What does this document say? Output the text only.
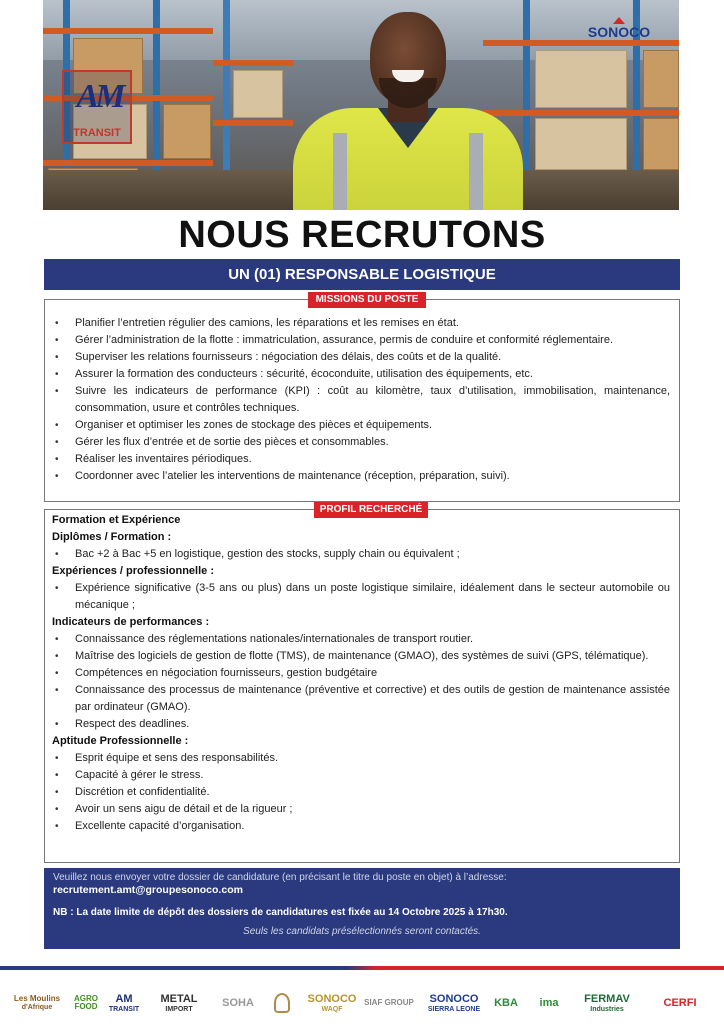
AM
TRANSIT
SONOCO
NOUS RECRUTONS
UN (01) RESPONSABLE LOGISTIQUE
• Planifier l’entretien régulier des camions, les réparations et les remises en état.
• Gérer l’administration de la flotte : immatriculation, assurance, permis de conduire et conformité réglementaire.
• Superviser les relations fournisseurs : négociation des délais, des coûts et de la qualité.
• Assurer la formation des conducteurs : sécurité, écoconduite, utilisation des équipements, etc.
• Suivre les indicateurs de performance (KPI) : coût au kilomètre, taux d’utilisation, immobilisation, maintenance, consommation, usure et contrôles techniques.
• Organiser et optimiser les zones de stockage des pièces et équipements.
• Gérer les flux d’entrée et de sortie des pièces et consommables.
• Réaliser les inventaires périodiques.
• Coordonner avec l’atelier les interventions de maintenance (réception, préparation, suivi).
MISSIONS DU POSTE
Formation et Expérience
Diplômes / Formation :
• Bac +2 à Bac +5 en logistique, gestion des stocks, supply chain ou équivalent ;
Expériences / professionnelle :
• Expérience significative (3-5 ans ou plus) dans un poste logistique similaire, idéalement dans le secteur automobile ou mécanique ;
Indicateurs de performances :
• Connaissance des réglementations nationales/internationales de transport routier.
• Maîtrise des logiciels de gestion de flotte (TMS), de maintenance (GMAO), des systèmes de suivi (GPS, télématique).
• Compétences en négociation fournisseurs, gestion budgétaire
• Connaissance des processus de maintenance (préventive et corrective) et des outils de gestion de maintenance assistée par ordinateur (GMAO).
• Respect des deadlines.
Aptitude Professionnelle :
• Esprit équipe et sens des responsabilités.
• Capacité à gérer le stress.
• Discrétion et confidentialité.
• Avoir un sens aigu de détail et de la rigueur ;
• Excellente capacité d’organisation.
PROFIL RECHERCHÉ
Veuillez nous envoyer votre dossier de candidature (en précisant le titre du poste en objet) à l’adresse:
recrutement.amt@groupesonoco.com
NB : La date limite de dépôt des dossiers de candidatures est fixée au 14 Octobre 2025 à 17h30.
Seuls les candidats présélectionnés seront contactés.
Les Moulins
d'Afrique
AGRO FOOD
AM
TRANSIT
METAL
IMPORT
SOHA	SONOCO
WAQF
SIAF GROUP SONOCO
SIERRA LEONE
KBA ima FERMAV
Industries
CERFI
